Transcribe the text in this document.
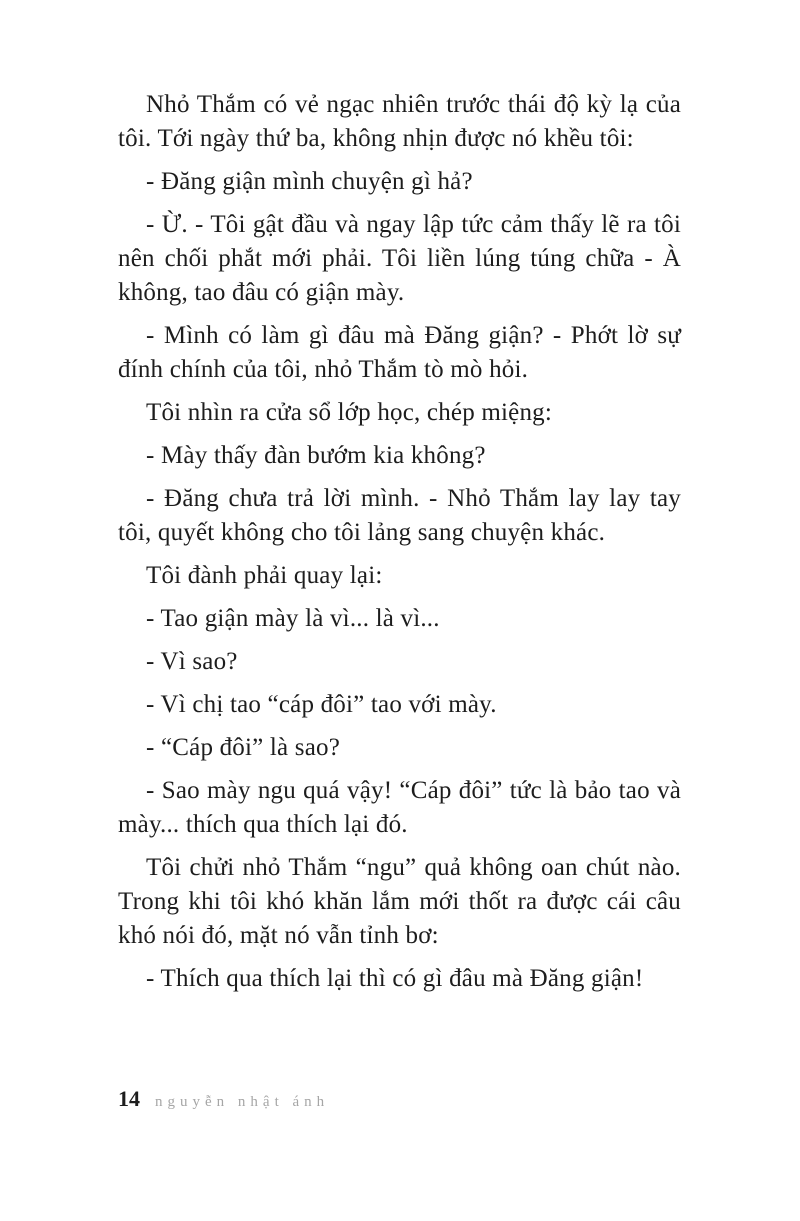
Nhỏ Thắm có vẻ ngạc nhiên trước thái độ kỳ lạ của tôi. Tới ngày thứ ba, không nhịn được nó khều tôi:

- Đăng giận mình chuyện gì hả?

- Ừ. - Tôi gật đầu và ngay lập tức cảm thấy lẽ ra tôi nên chối phắt mới phải. Tôi liền lúng túng chữa - À không, tao đâu có giận mày.

- Mình có làm gì đâu mà Đăng giận? - Phớt lờ sự đính chính của tôi, nhỏ Thắm tò mò hỏi.

Tôi nhìn ra cửa sổ lớp học, chép miệng:

- Mày thấy đàn bướm kia không?

- Đăng chưa trả lời mình. - Nhỏ Thắm lay lay tay tôi, quyết không cho tôi lảng sang chuyện khác.

Tôi đành phải quay lại:

- Tao giận mày là vì... là vì...

- Vì sao?

- Vì chị tao “cáp đôi” tao với mày.

- “Cáp đôi” là sao?

- Sao mày ngu quá vậy! “Cáp đôi” tức là bảo tao và mày... thích qua thích lại đó.

Tôi chửi nhỏ Thắm “ngu” quả không oan chút nào. Trong khi tôi khó khăn lắm mới thốt ra được cái câu khó nói đó, mặt nó vẫn tỉnh bơ:

- Thích qua thích lại thì có gì đâu mà Đăng giận!

14 nguyễn nhật ánh
